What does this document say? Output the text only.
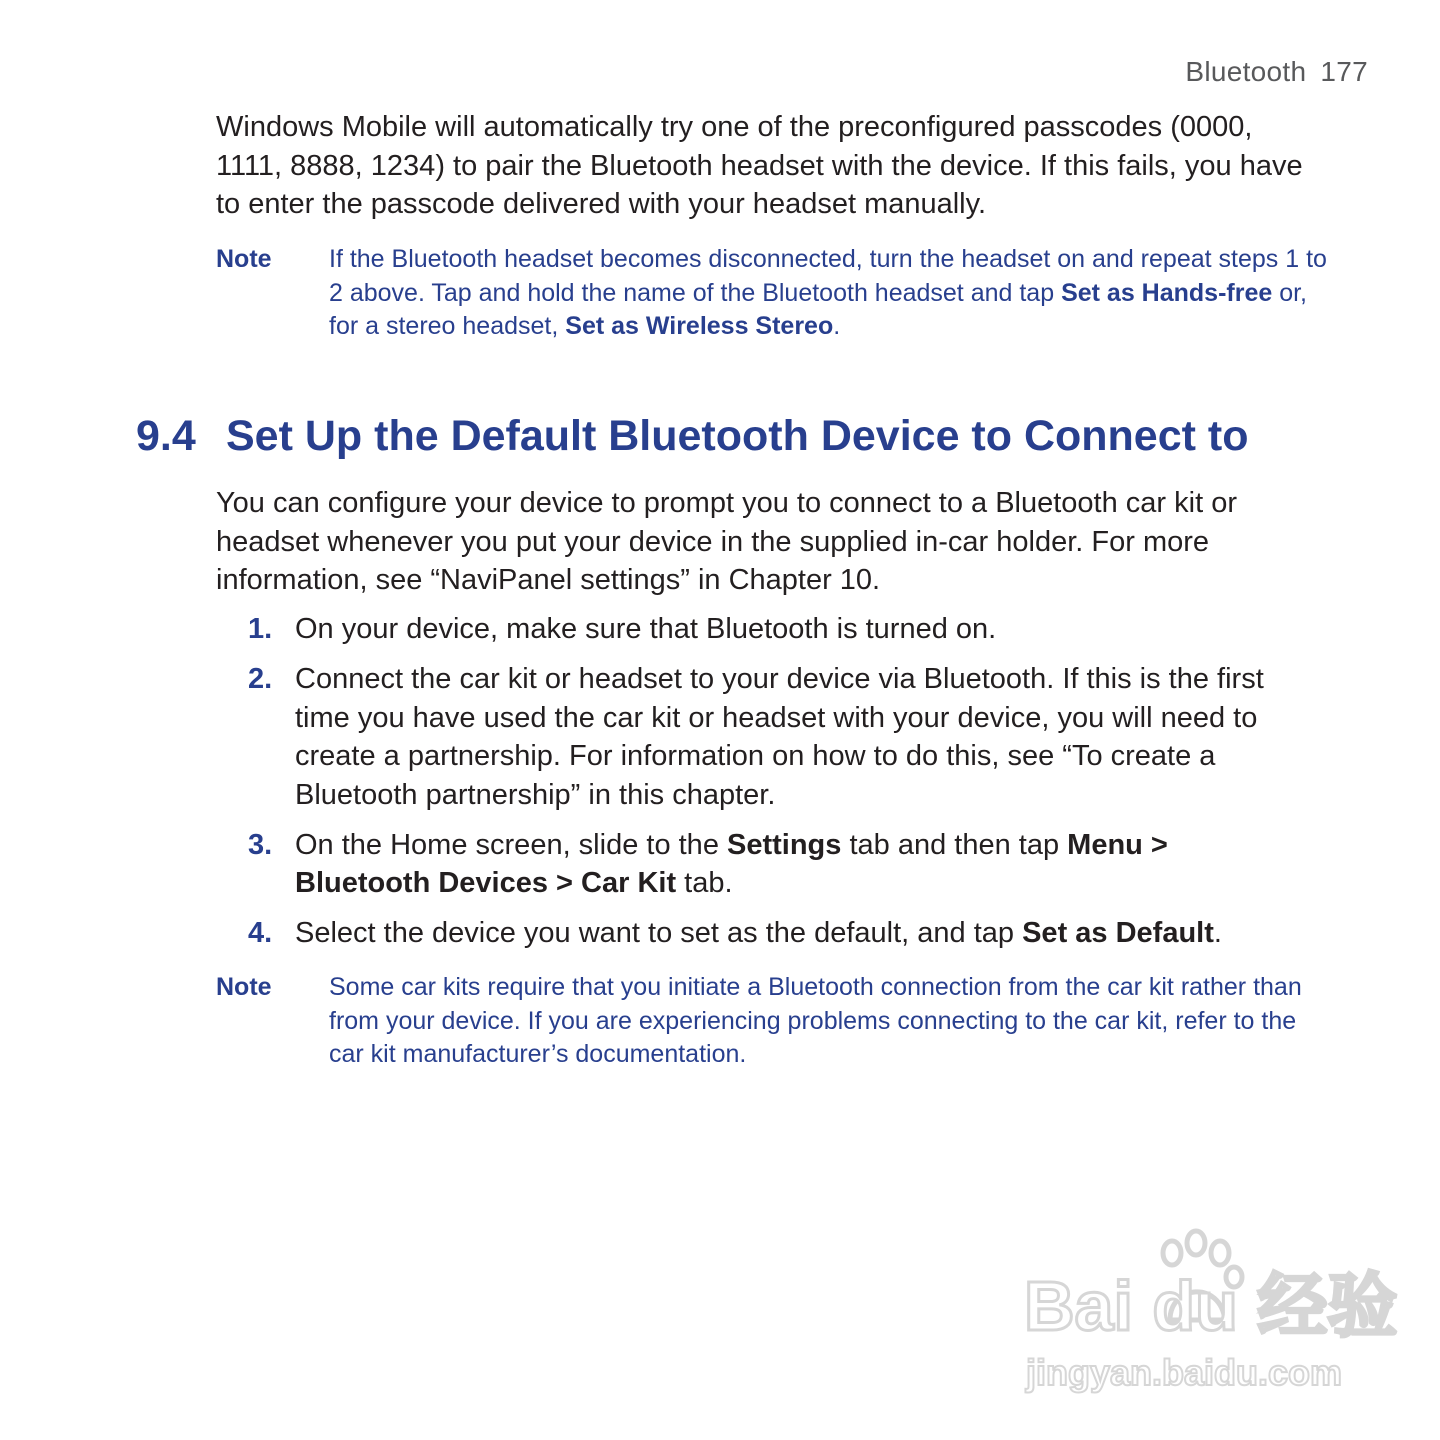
Bluetooth 177

Windows Mobile will automatically try one of the preconfigured passcodes (0000, 1111, 8888, 1234) to pair the Bluetooth headset with the device. If this fails, you have to enter the passcode delivered with your headset manually.

Note	If the Bluetooth headset becomes disconnected, turn the headset on and repeat steps 1 to 2 above. Tap and hold the name of the Bluetooth headset and tap Set as Hands-free or, for a stereo headset, Set as Wireless Stereo.
9.4 Set Up the Default Bluetooth Device to Connect to

You can configure your device to prompt you to connect to a Bluetooth car kit or headset whenever you put your device in the supplied in-car holder. For more information, see “NaviPanel settings” in Chapter 10.

1. On your device, make sure that Bluetooth is turned on.
2. Connect the car kit or headset to your device via Bluetooth. If this is the first time you have used the car kit or headset with your device, you will need to create a partnership. For information on how to do this, see “To create a Bluetooth partnership” in this chapter.
3. On the Home screen, slide to the Settings tab and then tap Menu > Bluetooth Devices > Car Kit tab.
4. Select the device you want to set as the default, and tap Set as Default.
Note	Some car kits require that you initiate a Bluetooth connection from the car kit rather than from your device. If you are experiencing problems connecting to the car kit, refer to the car kit manufacturer’s documentation.
Bai du 经验
jingyan.baidu.com
